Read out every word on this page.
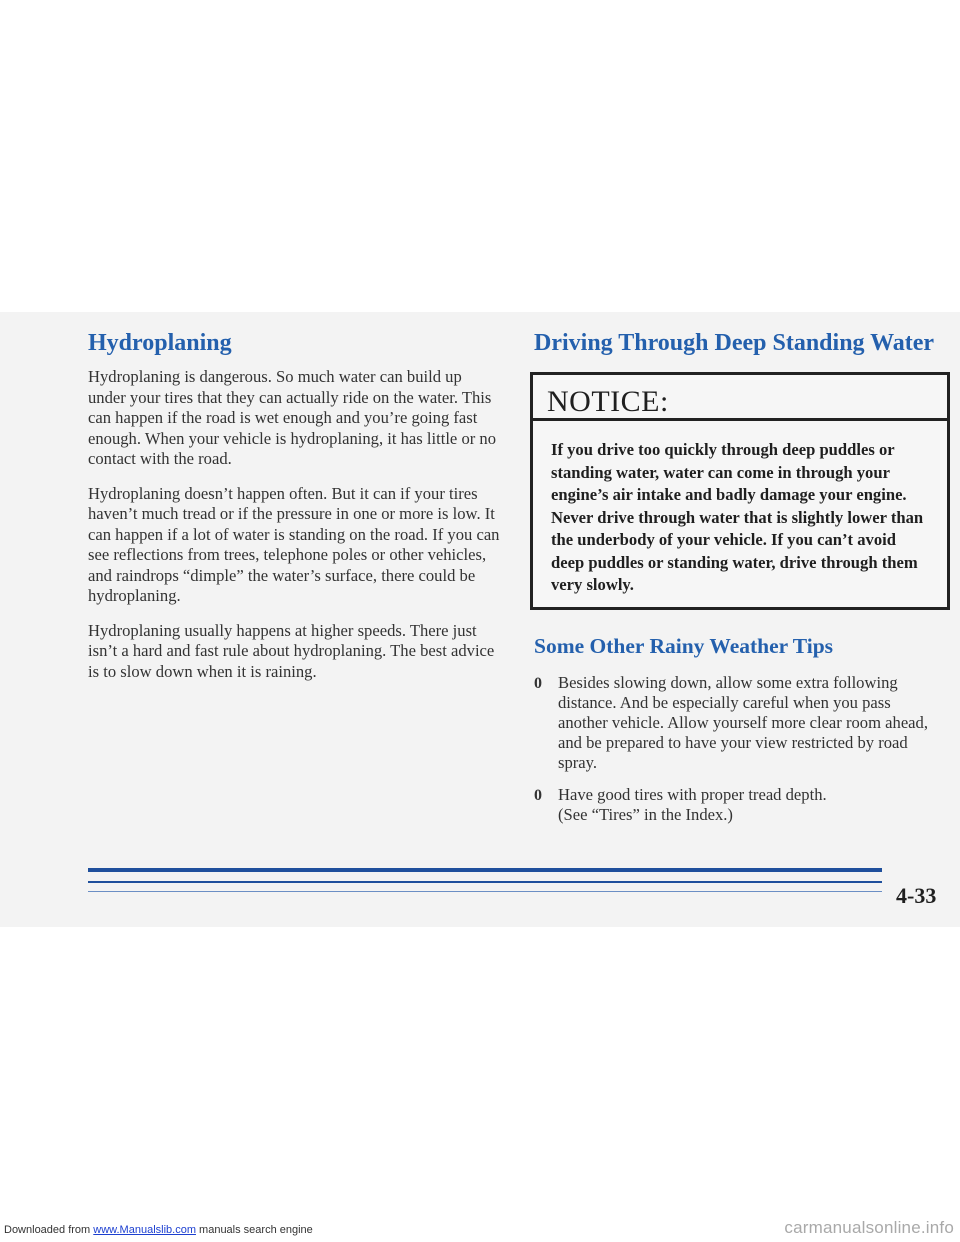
Hydroplaning

Hydroplaning is dangerous. So much water can build up under your tires that they can actually ride on the water. This can happen if the road is wet enough and you’re going fast enough. When your vehicle is hydroplaning, it has little or no contact with the road.

Hydroplaning doesn’t happen often. But it can if your tires haven’t much tread or if the pressure in one or more is low. It can happen if a lot of water is standing on the road. If you can see reflections from trees, telephone poles or other vehicles, and raindrops “dimple” the water’s surface, there could be hydroplaning.

Hydroplaning usually happens at higher speeds. There just isn’t a hard and fast rule about hydroplaning. The best advice is to slow down when it is raining.

Driving Through Deep Standing Water
NOTICE:
If you drive too quickly through deep puddles or standing water, water can come in through your engine’s air intake and badly damage your engine. Never drive through water that is slightly lower than the underbody of your vehicle. If you can’t avoid deep puddles or standing water, drive through them very slowly.
Some Other Rainy Weather Tips
0 Besides slowing down, allow some extra following distance. And be especially careful when you pass another vehicle. Allow yourself more clear room ahead, and be prepared to have your view restricted by road spray.
0 Have good tires with proper tread depth.
(See “Tires” in the Index.)
4-33
Downloaded from www.Manualslib.com manuals search engine	carmanualsonline.info
